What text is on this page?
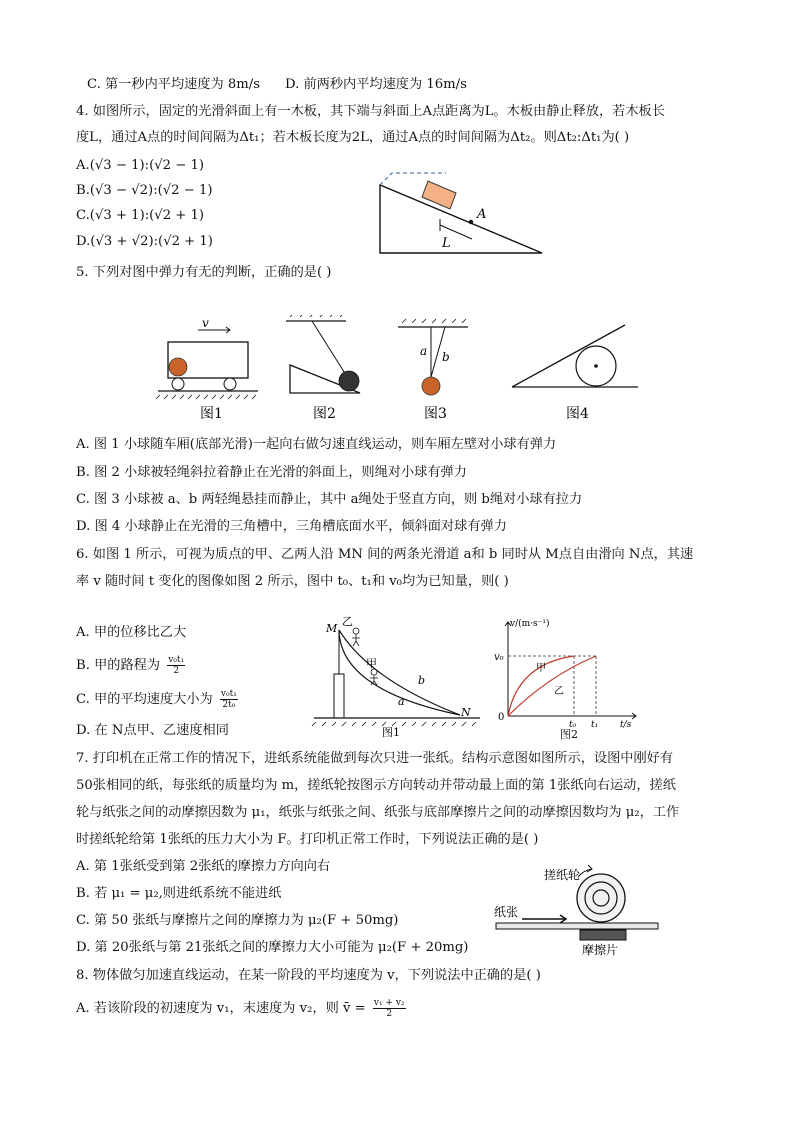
C. 第一秒内平均速度为 8m/s D. 前两秒内平均速度为 16m/s
4. 如图所示，固定的光滑斜面上有一木板，其下端与斜面上A点距离为L。木板由静止释放，若木板长
度L，通过A点的时间间隔为Δt₁；若木板长度为2L，通过A点的时间间隔为Δt₂。则Δt₂:Δt₁为( )
A.(√3 − 1):(√2 − 1)
B.(√3 − √2):(√2 − 1)
C.(√3 + 1):(√2 + 1)
D.(√3 + √2):(√2 + 1)
A
L
5. 下列对图中弹力有无的判断，正确的是( )
v
图1	图2
a b
图3	图4
A. 图 1 小球随车厢(底部光滑)一起向右做匀速直线运动，则车厢左壁对小球有弹力
B. 图 2 小球被轻绳斜拉着静止在光滑的斜面上，则绳对小球有弹力
C. 图 3 小球被 a、b 两轻绳悬挂而静止，其中 a绳处于竖直方向，则 b绳对小球有拉力
D. 图 4 小球静止在光滑的三角槽中，三角槽底面水平，倾斜面对球有弹力
6. 如图 1 所示，可视为质点的甲、乙两人沿 MN 间的两条光滑道 a和 b 同时从 M点自由滑向 N点，其速
率 v 随时间 t 变化的图像如图 2 所示，图中 t₀、t₁和 v₀均为已知量，则( )
A. 甲的位移比乙大
B. 甲的路程为 $\frac{\text{v₀t₁}}{2}$
C. 甲的平均速度大小为 $\frac{\text{v₀t₁}}{\text{2t₀}}$
D. 在 N点甲、乙速度相同
M
N
乙
甲
b
a
图1
v/(m·s⁻¹)
v₀
0
甲
乙
t₀ t₁ t/s
图2
7. 打印机在正常工作的情况下，进纸系统能做到每次只进一张纸。结构示意图如图所示，设图中刚好有
50张相同的纸，每张纸的质量均为 m，搓纸轮按图示方向转动并带动最上面的第 1张纸向右运动，搓纸
轮与纸张之间的动摩擦因数为 μ₁，纸张与纸张之间、纸张与底部摩擦片之间的动摩擦因数均为 μ₂，工作
时搓纸轮给第 1张纸的压力大小为 F。打印机正常工作时，下列说法正确的是( )
A. 第 1张纸受到第 2张纸的摩擦力方向向右
B. 若 μ₁ = μ₂,则进纸系统不能进纸
C. 第 50 张纸与摩擦片之间的摩擦力为 μ₂(F + 50mg)
D. 第 20张纸与第 21张纸之间的摩擦力大小可能为 μ₂(F + 20mg)
搓纸轮
纸张
摩擦片
8. 物体做匀加速直线运动，在某一阶段的平均速度为 v，下列说法中正确的是( )
A. 若该阶段的初速度为 v₁，末速度为 v₂，则 v̄ = $\frac{\text{v₁ + v₂}}{2}$
